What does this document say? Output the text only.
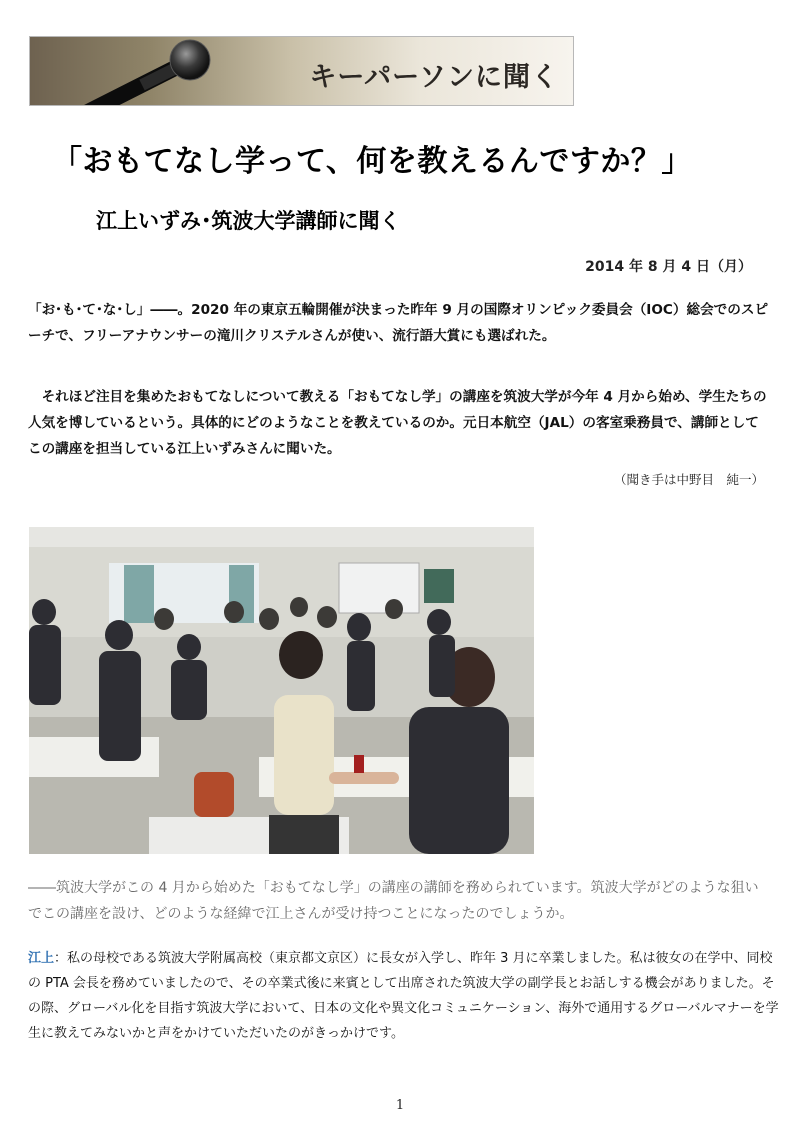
キーパーソンに聞く
「おもてなし学って、何を教えるんですか？」
江上いずみ･筑波大学講師に聞く
2014 年 8 月 4 日（月）

「お･も･て･な･し」――。2020 年の東京五輪開催が決まった昨年 9 月の国際オリンピック委員会（IOC）総会でのスピーチで、フリーアナウンサーの滝川クリステルさんが使い、流行語大賞にも選ばれた。

　それほど注目を集めたおもてなしについて教える「おもてなし学」の講座を筑波大学が今年 4 月から始め、学生たちの人気を博しているという。具体的にどのようなことを教えているのか。元日本航空（JAL）の客室乗務員で、講師としてこの講座を担当している江上いずみさんに聞いた。

（聞き手は中野目　純一）

――筑波大学がこの 4 月から始めた「おもてなし学」の講座の講師を務められています。筑波大学がどのような狙いでこの講座を設け、どのような経緯で江上さんが受け持つことになったのでしょうか。

江上：私の母校である筑波大学附属高校（東京都文京区）に長女が入学し、昨年 3 月に卒業しました。私は彼女の在学中、同校の PTA 会長を務めていましたので、その卒業式後に来賓として出席された筑波大学の副学長とお話しする機会がありました。その際、グローバル化を目指す筑波大学において、日本の文化や異文化コミュニケーション、海外で通用するグローバルマナーを学生に教えてみないかと声をかけていただいたのがきっかけです。

1
